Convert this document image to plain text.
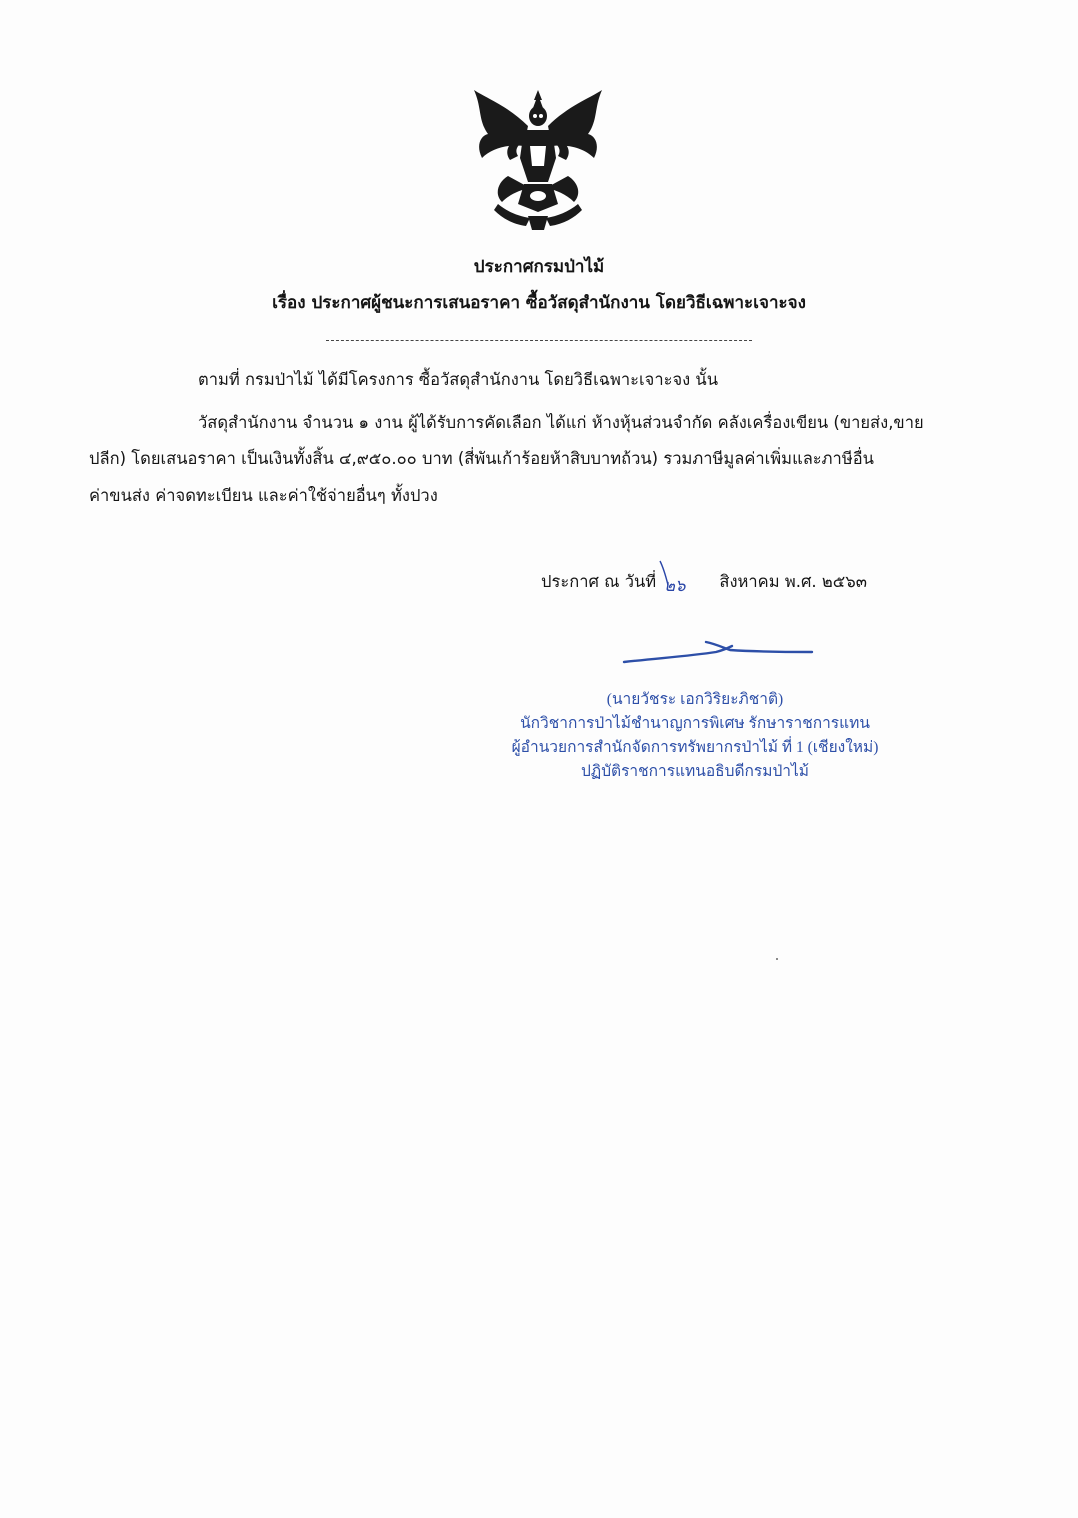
ประกาศกรมป่าไม้
เรื่อง ประกาศผู้ชนะการเสนอราคา ซื้อวัสดุสำนักงาน โดยวิธีเฉพาะเจาะจง
ตามที่ กรมป่าไม้ ได้มีโครงการ ซื้อวัสดุสำนักงาน โดยวิธีเฉพาะเจาะจง นั้น
วัสดุสำนักงาน จำนวน ๑ งาน ผู้ได้รับการคัดเลือก ได้แก่ ห้างหุ้นส่วนจำกัด คลังเครื่องเขียน (ขายส่ง,ขาย
ปลีก) โดยเสนอราคา เป็นเงินทั้งสิ้น ๔,๙๕๐.๐๐ บาท (สี่พันเก้าร้อยห้าสิบบาทถ้วน) รวมภาษีมูลค่าเพิ่มและภาษีอื่น
ค่าขนส่ง ค่าจดทะเบียน และค่าใช้จ่ายอื่นๆ ทั้งปวง
ประกาศ ณ วันที่ ๒๖ สิงหาคม พ.ศ. ๒๕๖๓
(นายวัชระ เอกวิริยะภิชาติ)
นักวิชาการป่าไม้ชำนาญการพิเศษ รักษาราชการแทน
ผู้อำนวยการสำนักจัดการทรัพยากรป่าไม้ ที่ 1 (เชียงใหม่)
ปฏิบัติราชการแทนอธิบดีกรมป่าไม้
